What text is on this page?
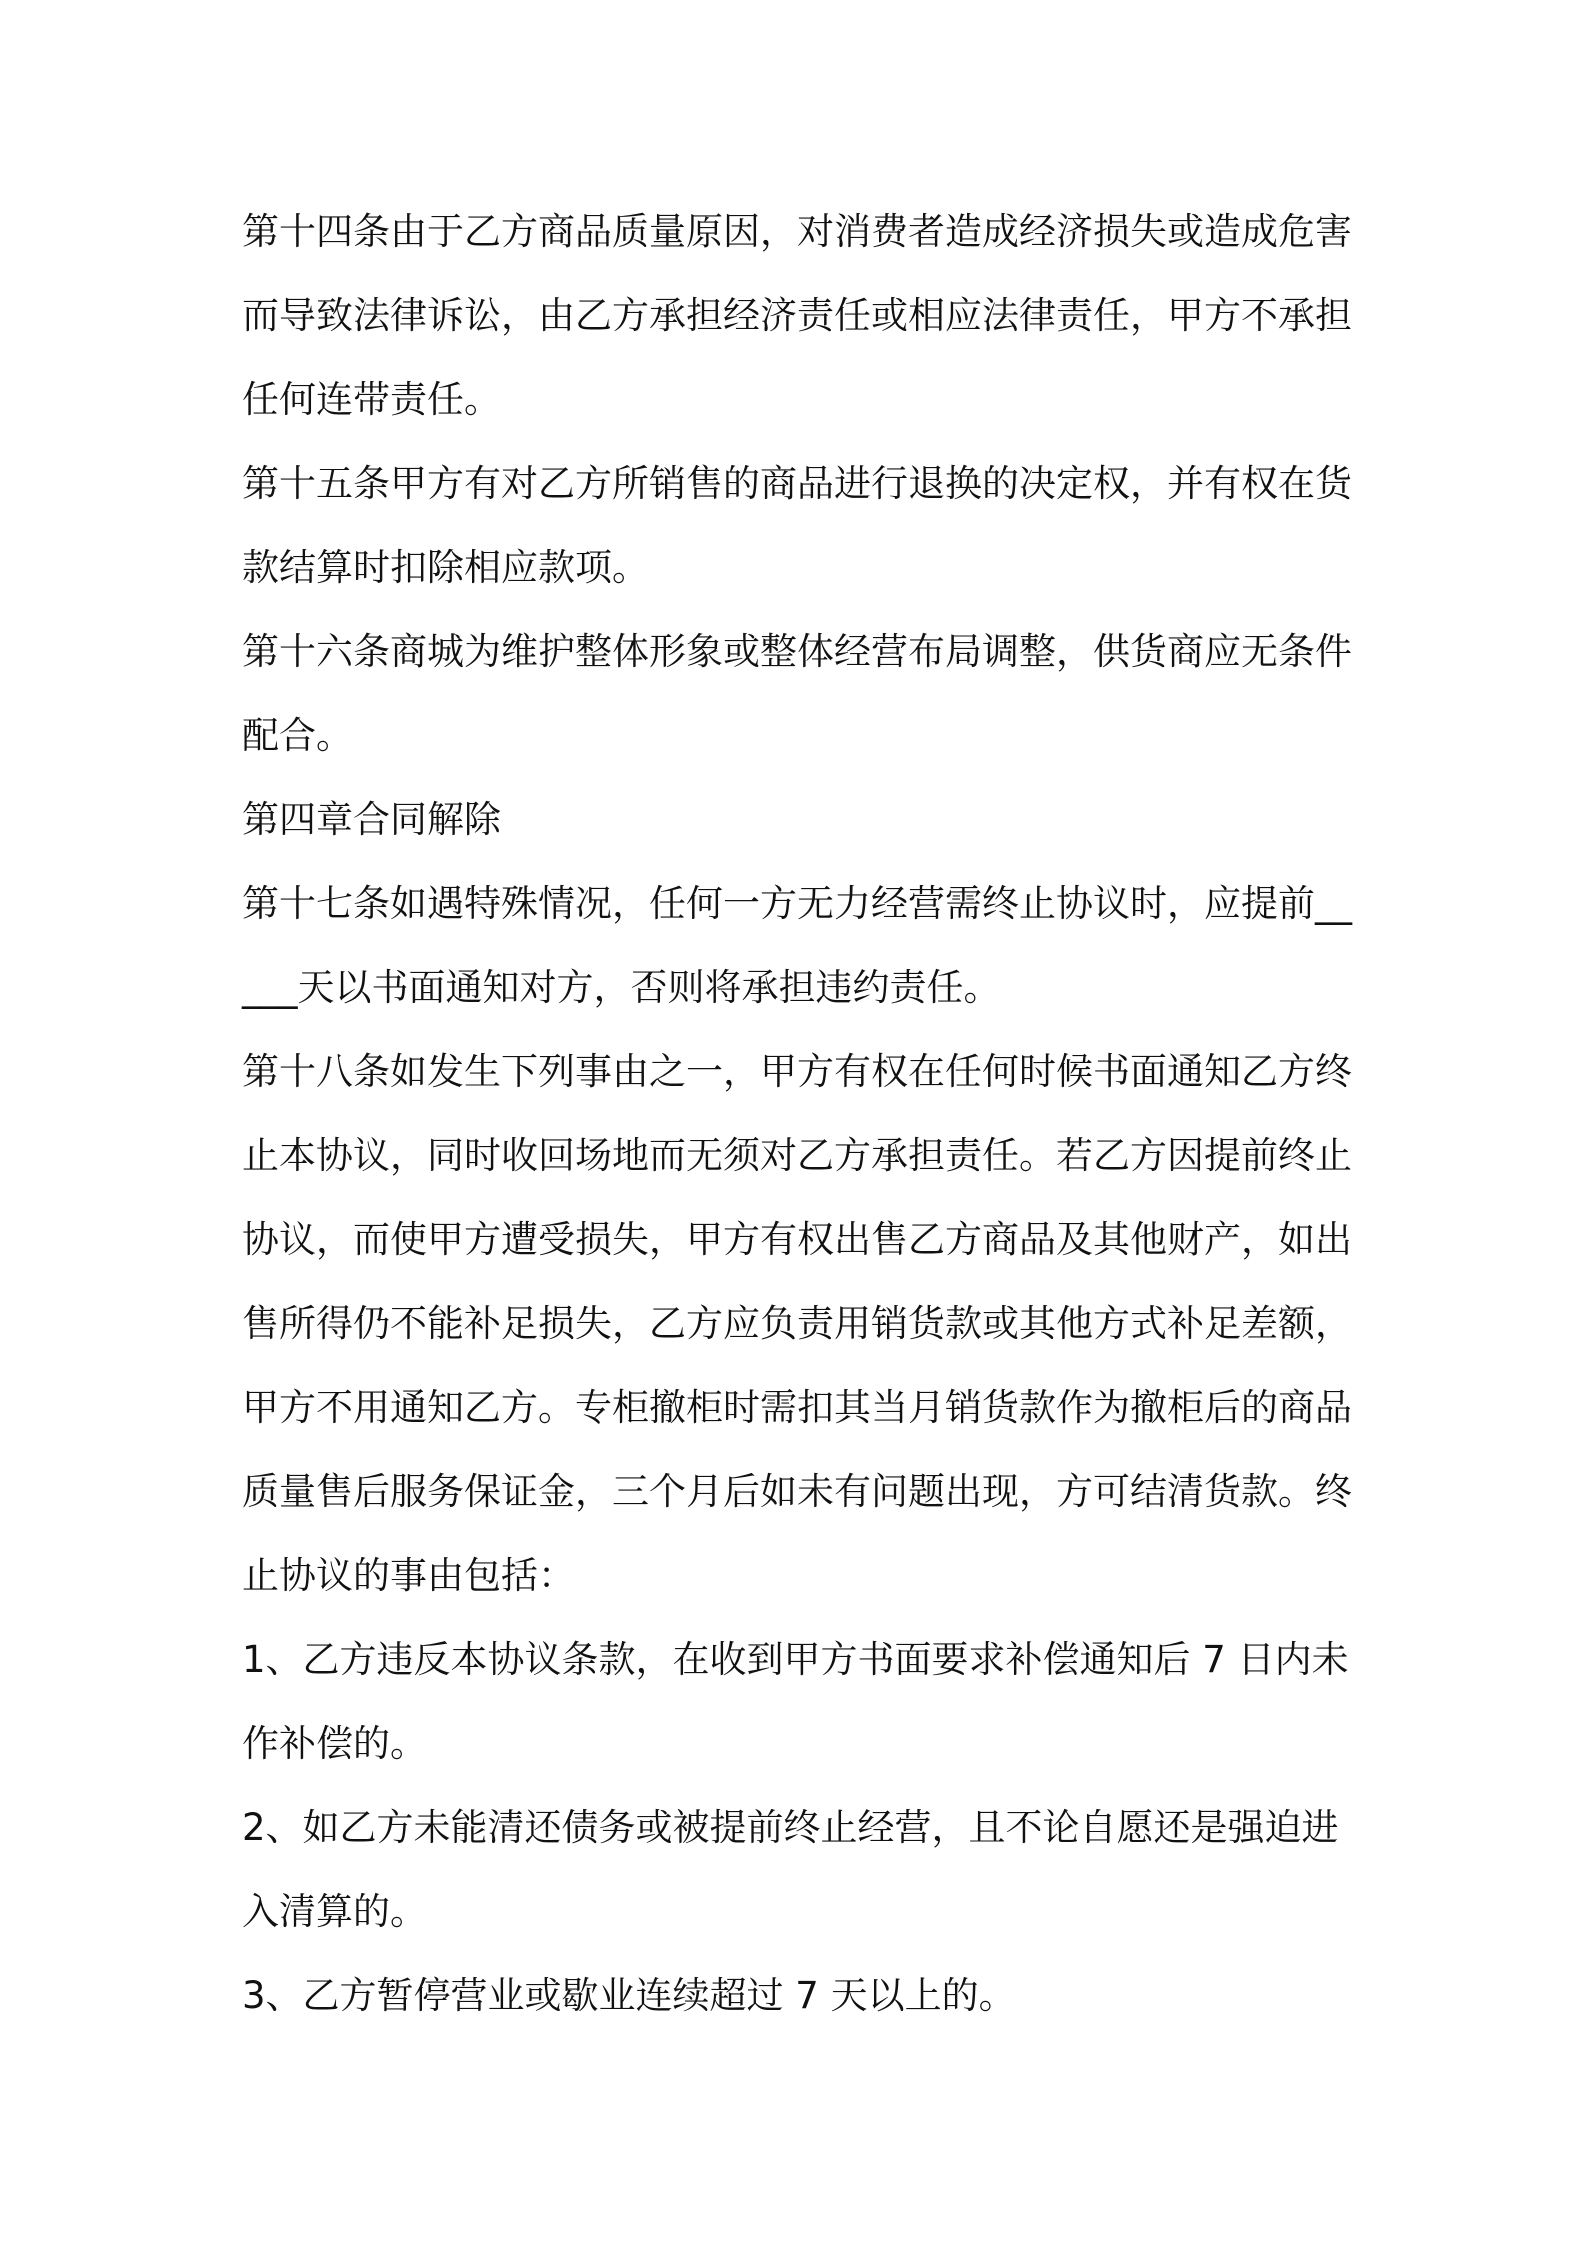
第十四条由于乙方商品质量原因，对消费者造成经济损失或造成危害而导致法律诉讼，由乙方承担经济责任或相应法律责任，甲方不承担任何连带责任。

第十五条甲方有对乙方所销售的商品进行退换的决定权，并有权在货款结算时扣除相应款项。

第十六条商城为维护整体形象或整体经营布局调整，供货商应无条件配合。

第四章合同解除

第十七条如遇特殊情况，任何一方无力经营需终止协议时，应提前_____天以书面通知对方，否则将承担违约责任。

第十八条如发生下列事由之一，甲方有权在任何时候书面通知乙方终止本协议，同时收回场地而无须对乙方承担责任。若乙方因提前终止协议，而使甲方遭受损失，甲方有权出售乙方商品及其他财产，如出售所得仍不能补足损失，乙方应负责用销货款或其他方式补足差额，甲方不用通知乙方。专柜撤柜时需扣其当月销货款作为撤柜后的商品质量售后服务保证金，三个月后如未有问题出现，方可结清货款。终止协议的事由包括：

1、乙方违反本协议条款，在收到甲方书面要求补偿通知后 7 日内未作补偿的。

2、如乙方未能清还债务或被提前终止经营，且不论自愿还是强迫进入清算的。

3、乙方暂停营业或歇业连续超过 7 天以上的。
